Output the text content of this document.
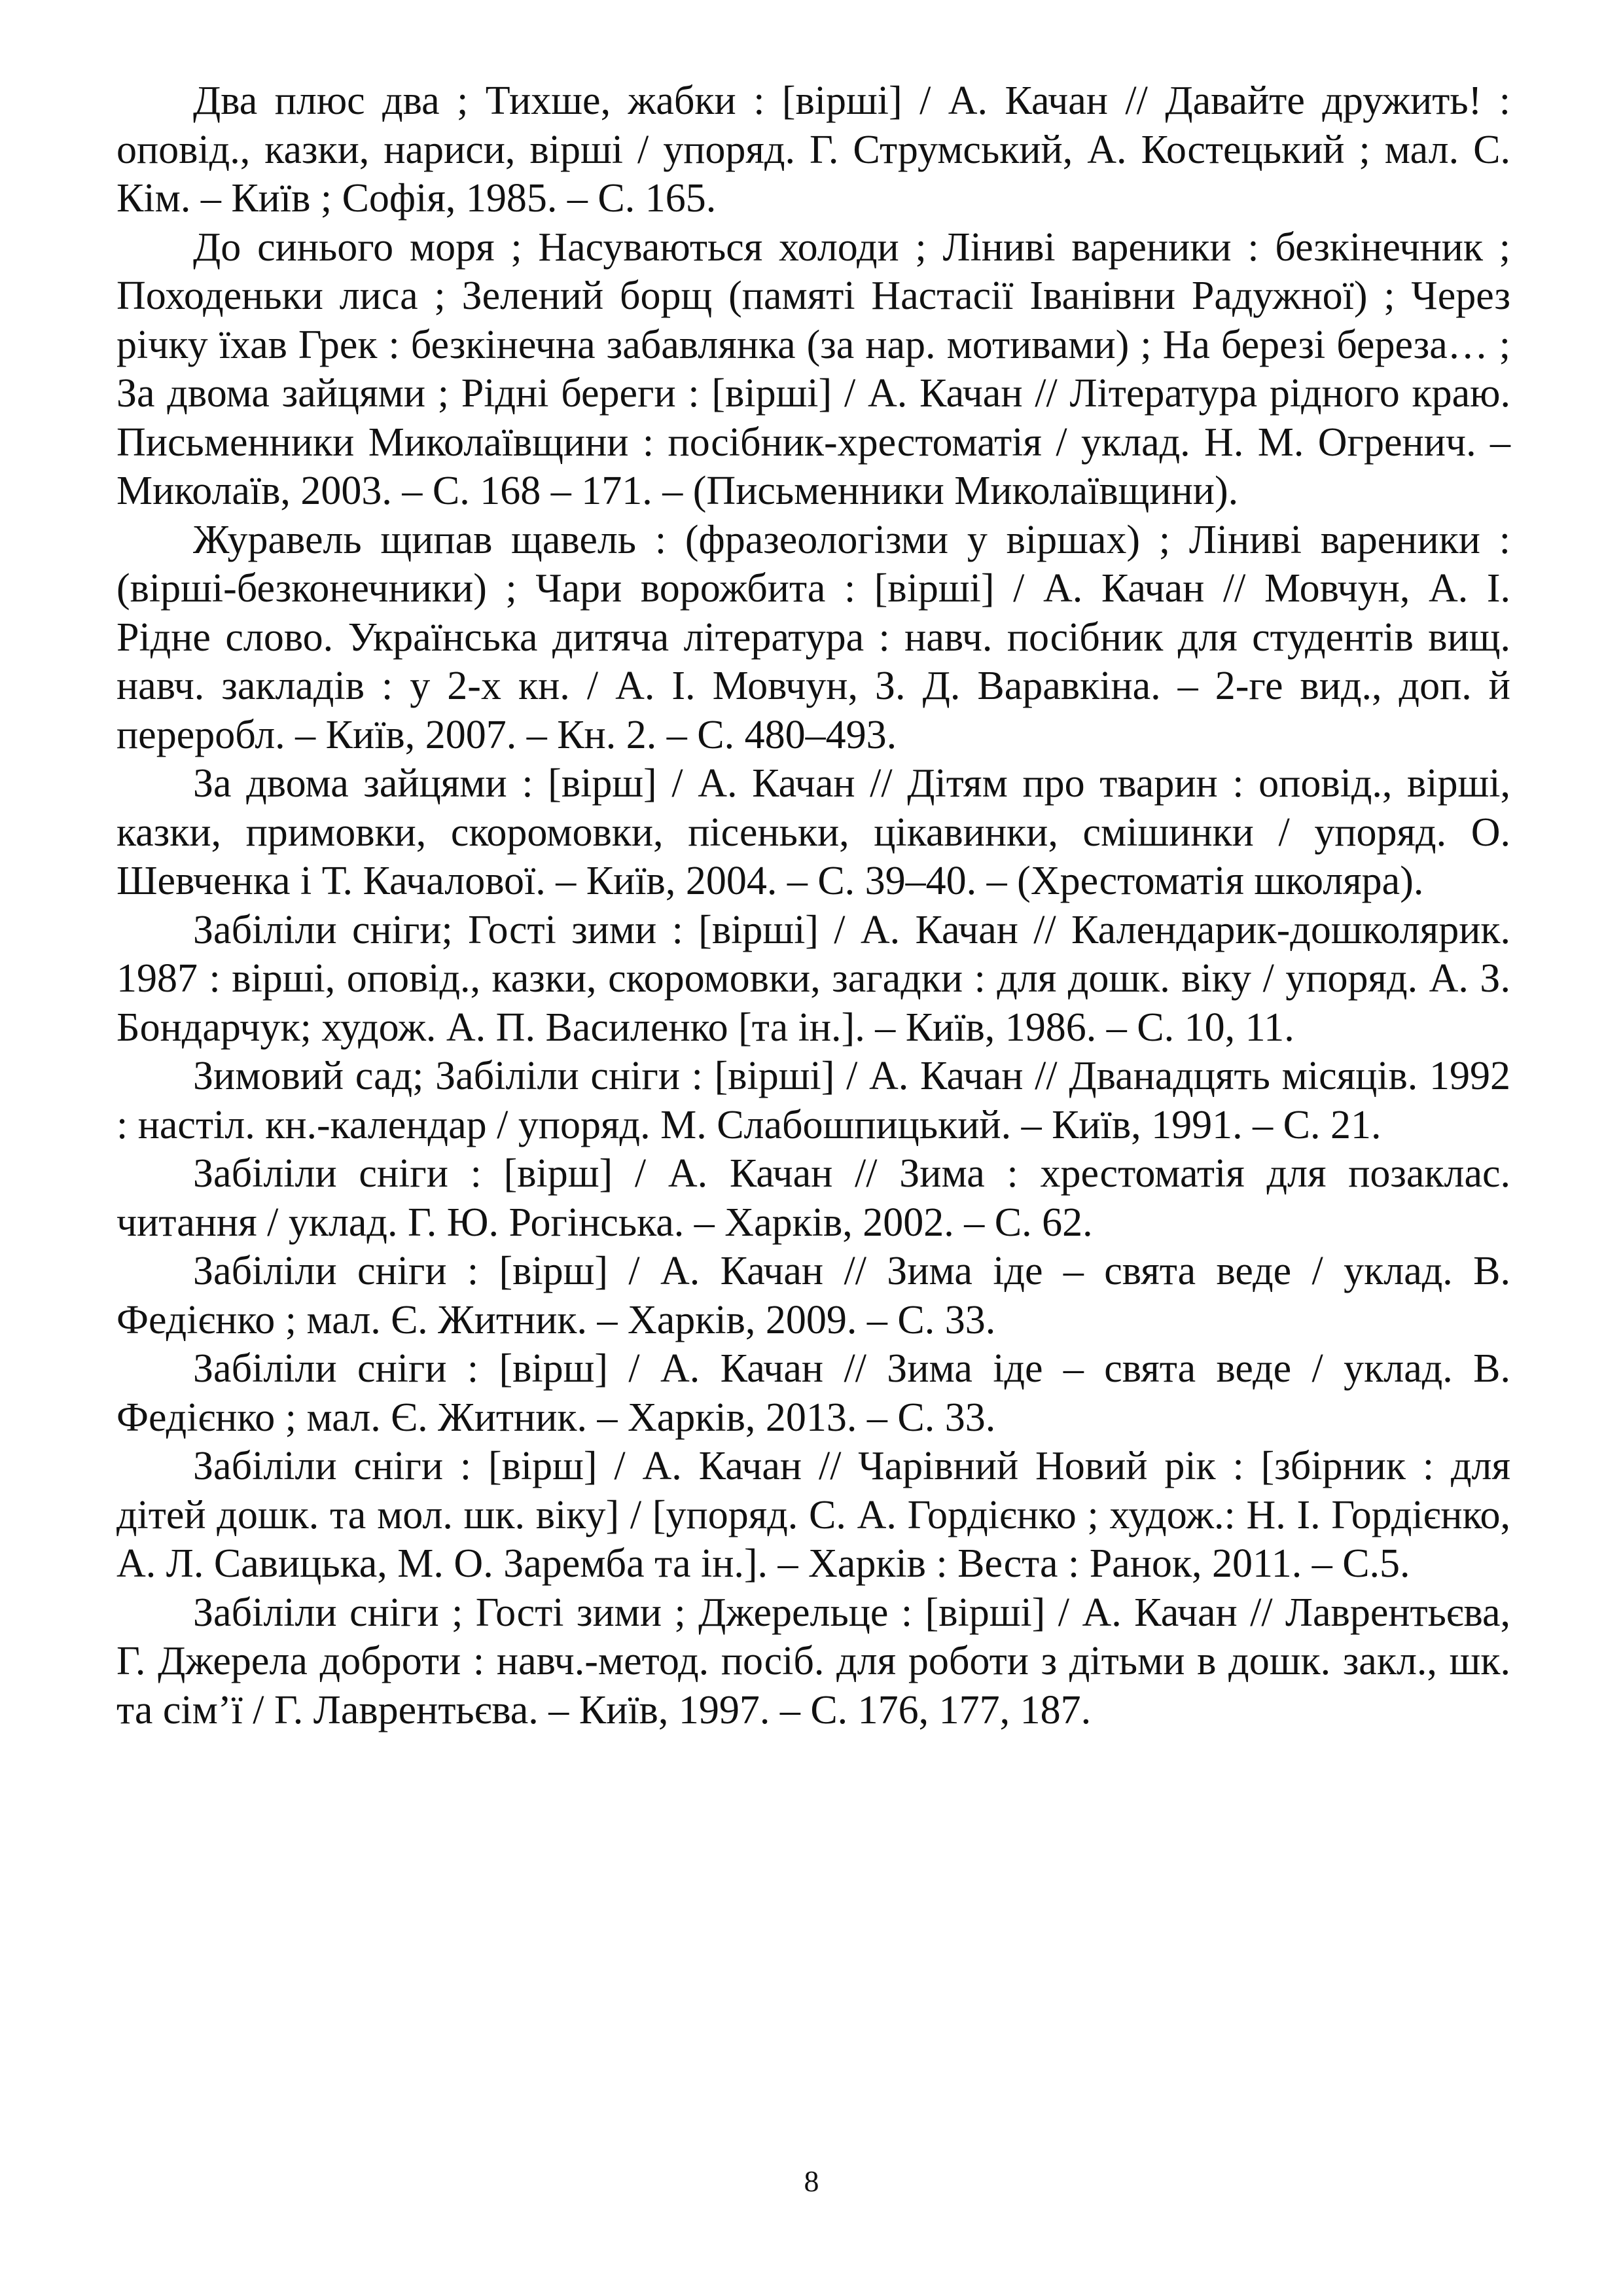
Два плюс два ; Тихше, жабки : [вірші] / А. Качан // Давайте дружить! : оповід., казки, нариси, вірші / упоряд. Г. Струмський, А. Костецький ; мал. С. Кім. – Київ ; Софія, 1985. – С. 165.

До синього моря ; Насуваються холоди ; Ліниві вареники : безкінечник ; Походеньки лиса ; Зелений борщ (памяті Настасії Іванівни Радужної) ; Через річку їхав Грек : безкінечна забавлянка (за нар. мотивами) ; На березі береза… ; За двома зайцями ; Рідні береги : [вірші] / А. Качан // Література рідного краю. Письменники Миколаївщини : посібник-хрестоматія / уклад. Н. М. Огренич. – Миколаїв, 2003. – С. 168 – 171. – (Письменники Миколаївщини).

Журавель щипав щавель : (фразеологізми у віршах) ; Ліниві вареники : (вірші-безконечники) ; Чари ворожбита : [вірші] / А. Качан // Мовчун, А. І. Рідне слово. Українська дитяча література : навч. посібник для студентів вищ. навч. закладів : у 2-х кн. / А. І. Мовчун, З. Д. Варавкіна. – 2-ге вид., доп. й переробл. – Київ, 2007. – Кн. 2. – С. 480–493.

За двома зайцями : [вірш] / А. Качан // Дітям про тварин : оповід., вірші, казки, примовки, скоромовки, пісеньки, цікавинки, смішинки / упоряд. О. Шевченка і Т. Качалової. – Київ, 2004. – С. 39–40. – (Хрестоматія школяра).

Забіліли сніги; Гості зими : [вірші] / А. Качан // Календарик-дошколярик. 1987 : вірші, оповід., казки, скоромовки, загадки : для дошк. віку / упоряд. А. З. Бондарчук; худож. А. П. Василенко [та ін.]. – Київ, 1986. – С. 10, 11.

Зимовий сад; Забіліли сніги : [вірші] / А. Качан // Дванадцять місяців. 1992 : настіл. кн.-календар / упоряд. М. Слабошпицький. – Київ, 1991. – С. 21.

Забіліли сніги : [вірш] / А. Качан // Зима : хрестоматія для позаклас. читання / уклад. Г. Ю. Рогінська. – Харків, 2002. – С. 62.

Забіліли сніги : [вірш] / А. Качан // Зима іде – свята веде / уклад. В. Федієнко ; мал. Є. Житник. – Харків, 2009. – С. 33.

Забіліли сніги : [вірш] / А. Качан // Зима іде – свята веде / уклад. В. Федієнко ; мал. Є. Житник. – Харків, 2013. – С. 33.

Забіліли сніги : [вірш] / А. Качан // Чарівний Новий рік : [збірник : для дітей дошк. та мол. шк. віку] / [упоряд. С. А. Гордієнко ; худож.: Н. І. Гордієнко, А. Л. Савицька, М. О. Заремба та ін.]. – Харків : Веста : Ранок, 2011. – С.5.

Забіліли сніги ; Гості зими ; Джерельце : [вірші] / А. Качан // Лаврентьєва, Г. Джерела доброти : навч.-метод. посіб. для роботи з дітьми в дошк. закл., шк. та сім’ї / Г. Лаврентьєва. – Київ, 1997. – С. 176, 177, 187.

8
